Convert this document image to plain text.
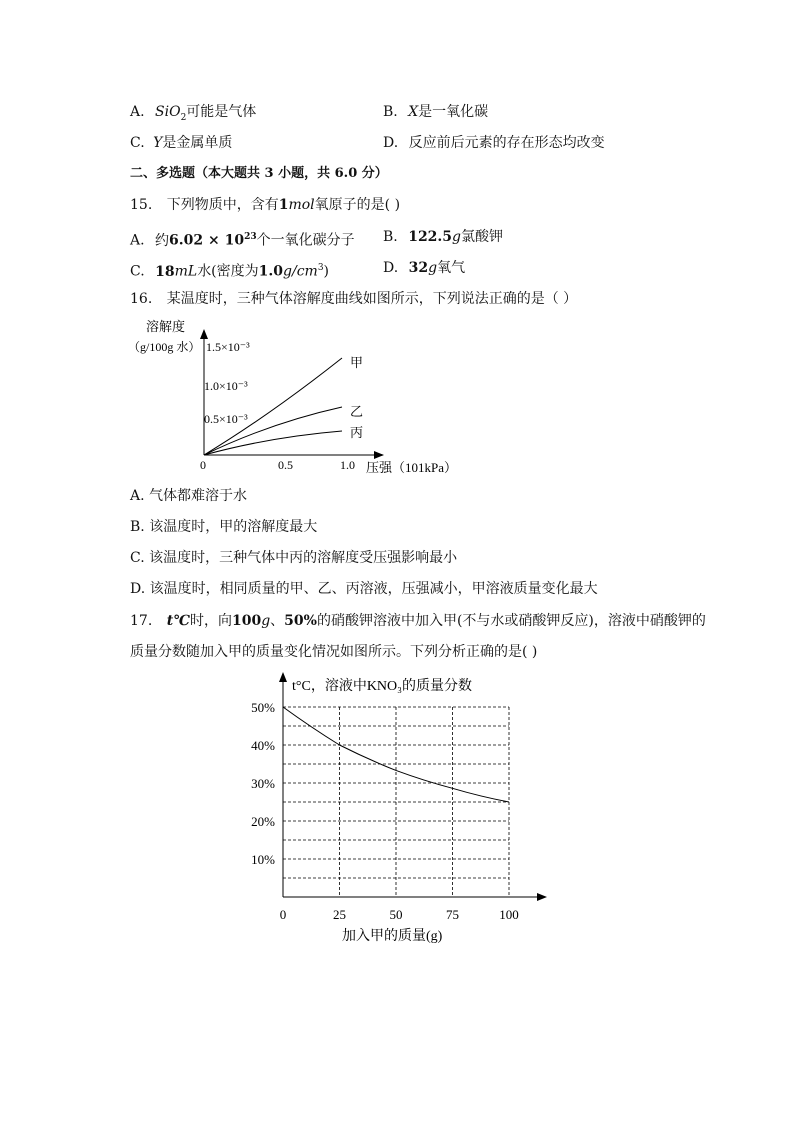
A. SiO$_2$可能是气体	B. X是一氧化碳
C. Y是金属单质	D. 反应前后元素的存在形态均改变
二、多选题（本大题共 3 小题，共 6.0 分）
15. 下列物质中，含有1mol氧原子的是( )
A. 约$6.02 \times 10^{23}$个一氧化碳分子 B. 122.5g氯酸钾
C. 18mL水(密度为$1.0g/cm^3$)	D. 32g氧气
16. 某温度时，三种气体溶解度曲线如图所示，下列说法正确的是（ ）
溶解度
（g/100g 水） 1.5×10⁻³
1.0×10⁻³
0.5×10⁻³
0	0.5	1.0 压强（101kPa）
甲
乙
丙
A. 气体都难溶于水
B. 该温度时，甲的溶解度最大
C. 该温度时，三种气体中丙的溶解度受压强影响最小
D. 该温度时，相同质量的甲、乙、丙溶液，压强减小，甲溶液质量变化最大
17. t℃时，向100g、50%的硝酸钾溶液中加入甲(不与水或硝酸钾反应)，溶液中硝酸钾的
质量分数随加入甲的质量变化情况如图所示。下列分析正确的是( )
t°C，溶液中KNO₃的质量分数
10%
20%
30%
40%
50%
0	25	50	75	100
加入甲的质量(g)
